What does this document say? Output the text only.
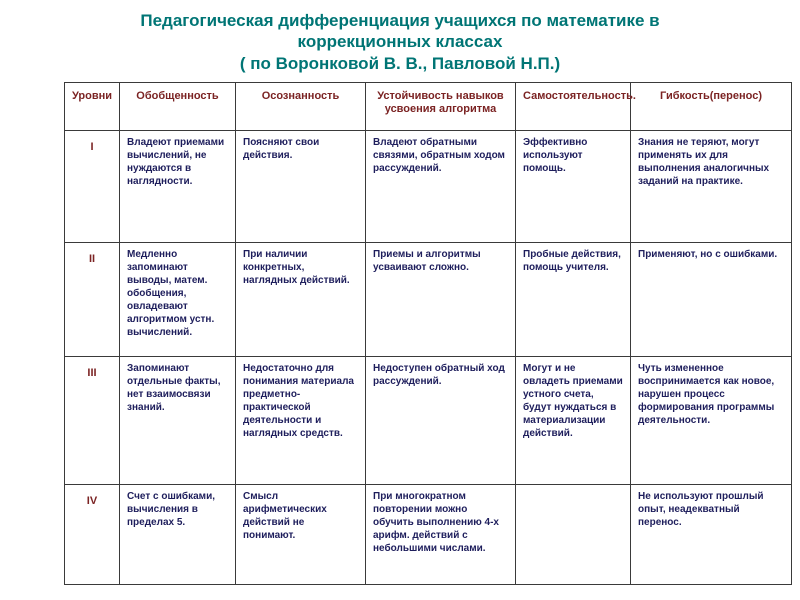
Педагогическая дифференциация учащихся по математике в
коррекционных классах
( по Воронковой В. В., Павловой Н.П.)
Уровни	Обобщенность	Осознанность	Устойчивость навыков усвоения алгоритма	Самостоятельность.	Гибкость(перенос)
I	Владеют приемами вычислений, не нуждаются в наглядности.	Поясняют свои действия.	Владеют обратными связями, обратным ходом рассуждений.	Эффективно используют помощь.	Знания не теряют, могут применять их для выполнения аналогичных заданий на практике.
II	Медленно запоминают выводы, матем. обобщения, овладевают алгоритмом устн. вычислений.	При наличии конкретных, наглядных действий.	Приемы и алгоритмы усваивают сложно.	Пробные действия, помощь учителя.	Применяют, но с ошибками.
III	Запоминают отдельные факты, нет взаимосвязи знаний.	Недостаточно для понимания материала предметно-практической деятельности и наглядных средств.	Недоступен обратный ход рассуждений.	Могут и не овладеть приемами устного счета, будут нуждаться в материализации действий.	Чуть измененное воспринимается как новое, нарушен процесс формирования программы деятельности.
IV	Счет с ошибками, вычисления в пределах 5.	Смысл арифметических действий не понимают.	При многократном повторении можно обучить выполнению 4-х арифм. действий с небольшими числами.		Не используют прошлый опыт, неадекватный перенос.
